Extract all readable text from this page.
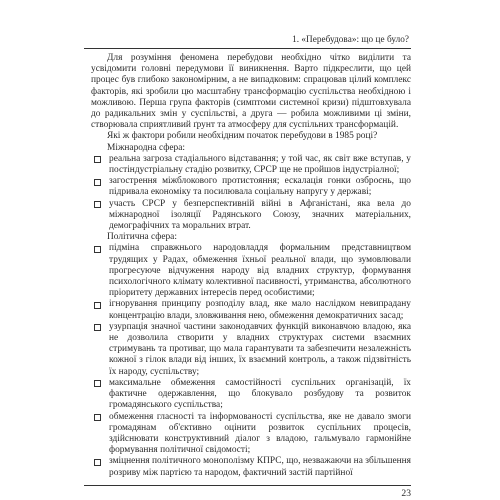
1. «Перебудова»: що це було?

Для розуміння феномена перебудови необхідно чітко виділити та усвідомити головні передумови її виникнення. Варто підкреслити, що цей процес був глибоко закономірним, а не випадковим: спрацював цілий комплекс факторів, які зробили цю масштабну трансформацію суспільства необхідною і можливою. Перша група факторів (симптоми системної кризи) підштовхувала до радикальних змін у суспільстві, а друга — робила можливими ці зміни, створювала сприятливий ґрунт та атмосферу для суспільних трансформацій.

Які ж фактори робили необхідним початок перебудови в 1985 році?

Міжнародна сфера:

реальна загроза стадіального відставання; у той час, як світ вже вступав, у постіндустріальну стадію розвитку, СРСР ще не пройшов індустріалної;
загострення міжблокового протистояння; ескалація гонки озброєнь, що підривала економіку та посилювала соціальну напругу у державі;
участь СРСР у безперспективній війні в Афганістані, яка вела до міжнародної ізоляції Радянського Союзу, значних матеріальних, демографічних та моральних втрат.

Політична сфера:

підміна справжнього народовладдя формальним представництвом трудящих у Радах, обмеження їхньої реальної влади, що зумовлювали прогресуюче відчуження народу від владних структур, формування психологічного клімату колективної пасивності, утриманства, абсолютного пріоритету державних інтересів перед особистими;
ігнорування принципу розподілу влад, яке мало наслідком невипрадану концентрацію влади, зловживання нею, обмеження демократичних засад;
узурпація значної частини законодавчих функцій виконавчою владою, яка не дозволила створити у владних структурах системи взаємних стримувань та противаг, що мала гарантувати та забезпечити незалежність кожної з гілок влади від інших, їх взаємний контроль, а також підзвітність їх народу, суспільству;
максимальне обмеження самостійності суспільних організацій, їх фактичне одержавлення, що блокувало розбудову та розвиток громадянського суспільства;
обмеження гласності та інформованості суспільства, яке не давало змоги громадянам об'єктивно оцінити розвиток суспільних процесів, здійснювати конструктивний діалог з владою, гальмувало гармонійне формування політичної свідомості;
зміцнення політичного монополізму КПРС, що, незважаючи на збільшення розриву між партією та народом, фактичний застій партійної
23
